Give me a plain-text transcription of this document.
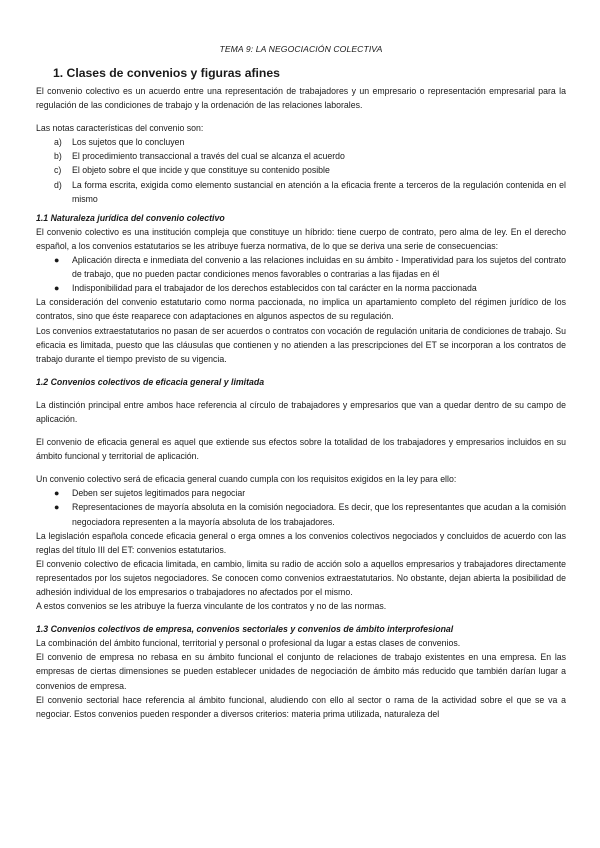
TEMA 9: LA NEGOCIACIÓN COLECTIVA
1. Clases de convenios y figuras afines

El convenio colectivo es un acuerdo entre una representación de trabajadores y un empresario o representación empresarial para la regulación de las condiciones de trabajo y la ordenación de las relaciones laborales.

Las notas características del convenio son:

a) Los sujetos que lo concluyen
b) El procedimiento transaccional a través del cual se alcanza el acuerdo
c) El objeto sobre el que incide y que constituye su contenido posible
d) La forma escrita, exigida como elemento sustancial en atención a la eficacia frente a terceros de la regulación contenida en el mismo
1.1 Naturaleza jurídica del convenio colectivo

El convenio colectivo es una institución compleja que constituye un híbrido: tiene cuerpo de contrato, pero alma de ley. En el derecho español, a los convenios estatutarios se les atribuye fuerza normativa, de lo que se deriva una serie de consecuencias:

● Aplicación directa e inmediata del convenio a las relaciones incluidas en su ámbito - Imperatividad para los sujetos del contrato de trabajo, que no pueden pactar condiciones menos favorables o contrarias a las fijadas en él
● Indisponibilidad para el trabajador de los derechos establecidos con tal carácter en la norma paccionada

La consideración del convenio estatutario como norma paccionada, no implica un apartamiento completo del régimen jurídico de los contratos, sino que éste reaparece con adaptaciones en algunos aspectos de su regulación.

Los convenios extraestatutarios no pasan de ser acuerdos o contratos con vocación de regulación unitaria de condiciones de trabajo. Su eficacia es limitada, puesto que las cláusulas que contienen y no atienden a las prescripciones del ET se incorporan a los contratos de trabajo durante el tiempo previsto de su vigencia.

1.2 Convenios colectivos de eficacia general y limitada

La distinción principal entre ambos hace referencia al círculo de trabajadores y empresarios que van a quedar dentro de su campo de aplicación.

El convenio de eficacia general es aquel que extiende sus efectos sobre la totalidad de los trabajadores y empresarios incluidos en su ámbito funcional y territorial de aplicación.

Un convenio colectivo será de eficacia general cuando cumpla con los requisitos exigidos en la ley para ello:

● Deben ser sujetos legitimados para negociar
● Representaciones de mayoría absoluta en la comisión negociadora. Es decir, que los representantes que acudan a la comisión negociadora representen a la mayoría absoluta de los trabajadores.

La legislación española concede eficacia general o erga omnes a los convenios colectivos negociados y concluidos de acuerdo con las reglas del título III del ET: convenios estatutarios.

El convenio colectivo de eficacia limitada, en cambio, limita su radio de acción solo a aquellos empresarios y trabajadores directamente representados por los sujetos negociadores. Se conocen como convenios extraestatutarios. No obstante, dejan abierta la posibilidad de adhesión individual de los empresarios o trabajadores no afectados por el mismo.

A estos convenios se les atribuye la fuerza vinculante de los contratos y no de las normas.

1.3 Convenios colectivos de empresa, convenios sectoriales y convenios de ámbito interprofesional

La combinación del ámbito funcional, territorial y personal o profesional da lugar a estas clases de convenios.

El convenio de empresa no rebasa en su ámbito funcional el conjunto de relaciones de trabajo existentes en una empresa. En las empresas de ciertas dimensiones se pueden establecer unidades de negociación de ámbito más reducido que también darían lugar a convenios de empresa.

El convenio sectorial hace referencia al ámbito funcional, aludiendo con ello al sector o rama de la actividad sobre el que se va a negociar. Estos convenios pueden responder a diversos criterios: materia prima utilizada, naturaleza del
